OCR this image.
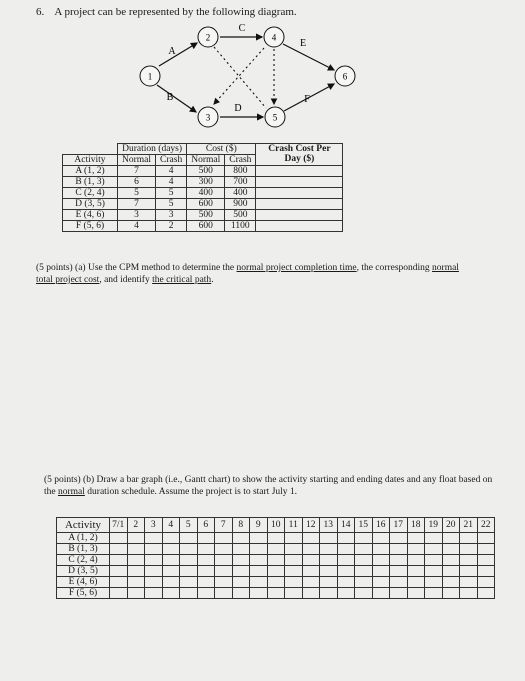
6. A project can be represented by the following diagram.
1
2
3
4
5
6
A
B
C
D
E
F
	Duration (days)		Cost ($)		Crash Cost Per Day ($)
Activity	Normal	Crash	Normal	Crash	
A (1, 2)	7	4	500	800	
B (1, 3)	6	4	300	700	
C (2, 4)	5	5	400	400	
D (3, 5)	7	5	600	900	
E (4, 6)	3	3	500	500	
F (5, 6)	4	2	600	1100	
(5 points) (a) Use the CPM method to determine the normal project completion time, the corresponding normal total project cost, and identify the critical path.
(5 points) (b) Draw a bar graph (i.e., Gantt chart) to show the activity starting and ending dates and any float based on the normal duration schedule. Assume the project is to start July 1.
Activity	7/1	2	3	4	5	6	7	8	9	10	11	12	13	14	15	16	17	18	19	20	21	22
A (1, 2)																						
B (1, 3)																						
C (2, 4)																						
D (3, 5)																						
E (4, 6)																						
F (5, 6)																						
